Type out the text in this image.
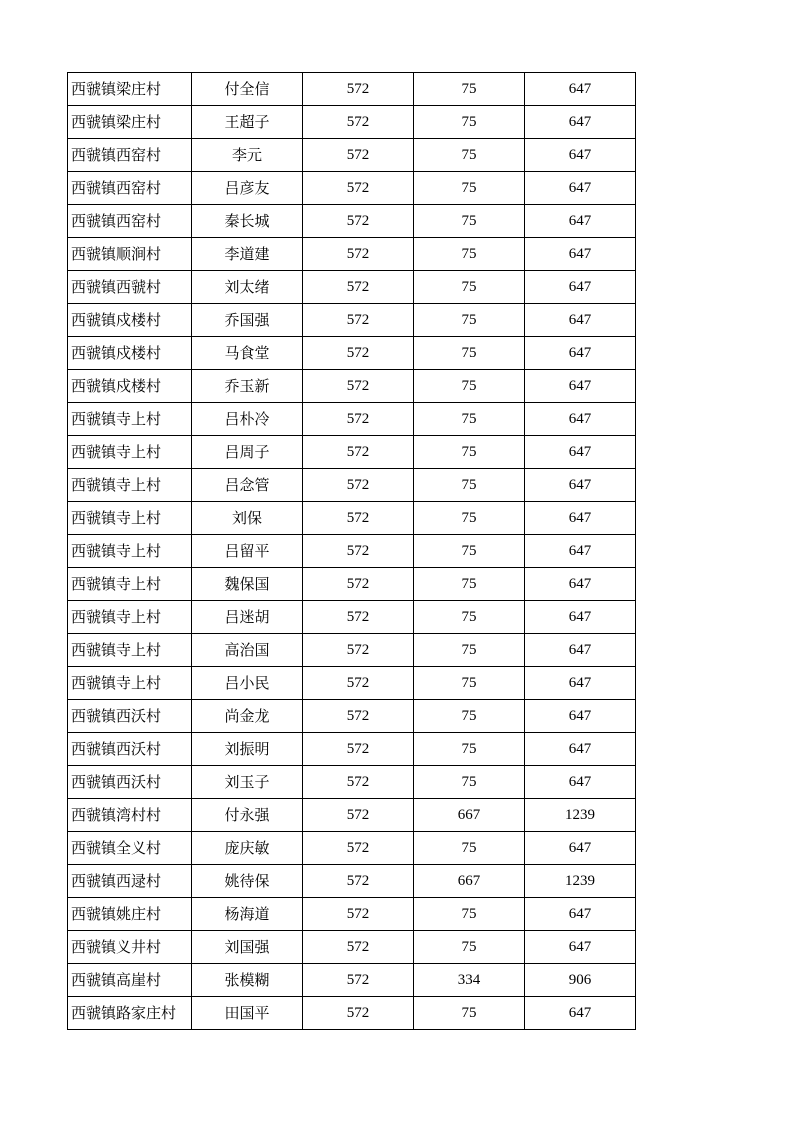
西虢镇梁庄村	付全信	572	75	647
西虢镇梁庄村	王超子	572	75	647
西虢镇西窑村	李元	572	75	647
西虢镇西窑村	吕彦友	572	75	647
西虢镇西窑村	秦长城	572	75	647
西虢镇顺涧村	李道建	572	75	647
西虢镇西虢村	刘太绪	572	75	647
西虢镇戍楼村	乔国强	572	75	647
西虢镇戍楼村	马食堂	572	75	647
西虢镇戍楼村	乔玉新	572	75	647
西虢镇寺上村	吕朴冷	572	75	647
西虢镇寺上村	吕周子	572	75	647
西虢镇寺上村	吕念管	572	75	647
西虢镇寺上村	刘保	572	75	647
西虢镇寺上村	吕留平	572	75	647
西虢镇寺上村	魏保国	572	75	647
西虢镇寺上村	吕迷胡	572	75	647
西虢镇寺上村	高治国	572	75	647
西虢镇寺上村	吕小民	572	75	647
西虢镇西沃村	尚金龙	572	75	647
西虢镇西沃村	刘振明	572	75	647
西虢镇西沃村	刘玉子	572	75	647
西虢镇湾村村	付永强	572	667	1239
西虢镇全义村	庞庆敏	572	75	647
西虢镇西逯村	姚待保	572	667	1239
西虢镇姚庄村	杨海道	572	75	647
西虢镇义井村	刘国强	572	75	647
西虢镇高崖村	张模糊	572	334	906
西虢镇路家庄村	田国平	572	75	647
